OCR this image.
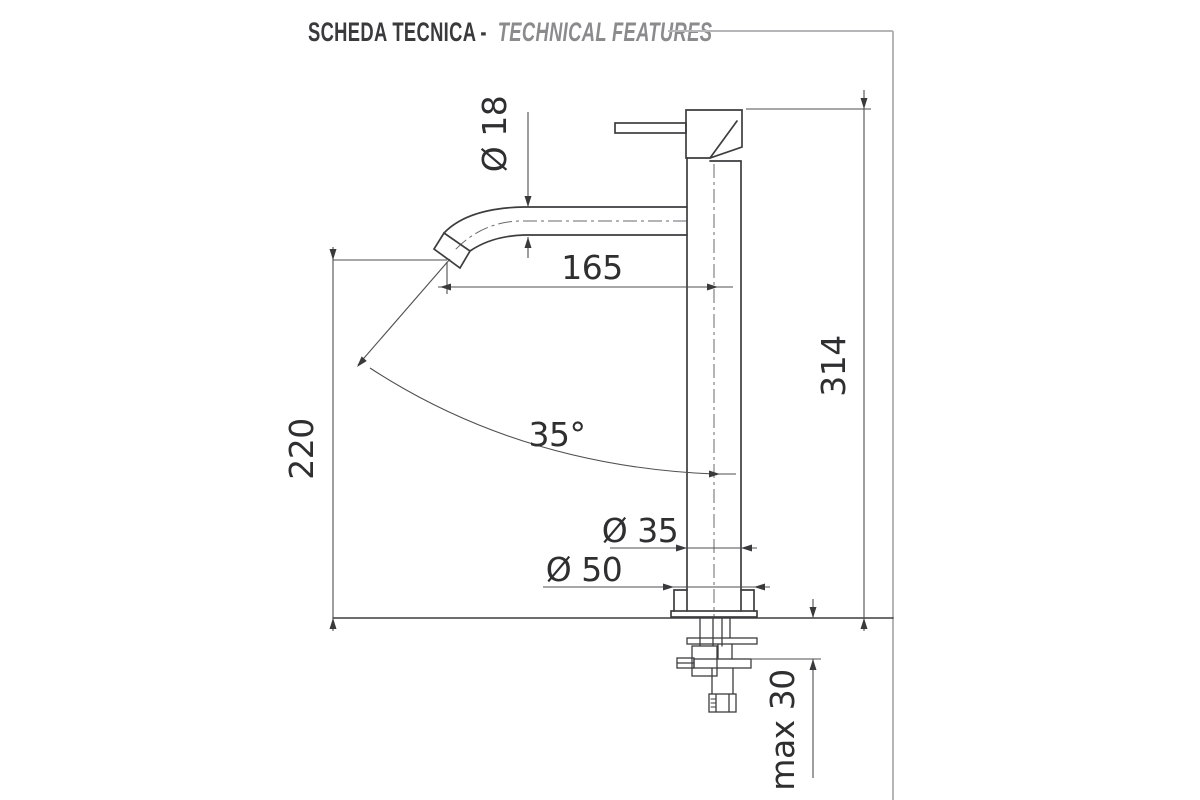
SCHEDA TECNICA - TECHNICAL FEATURES
Ø 18
165
220
314
35°
Ø 35
Ø 50
max 30
